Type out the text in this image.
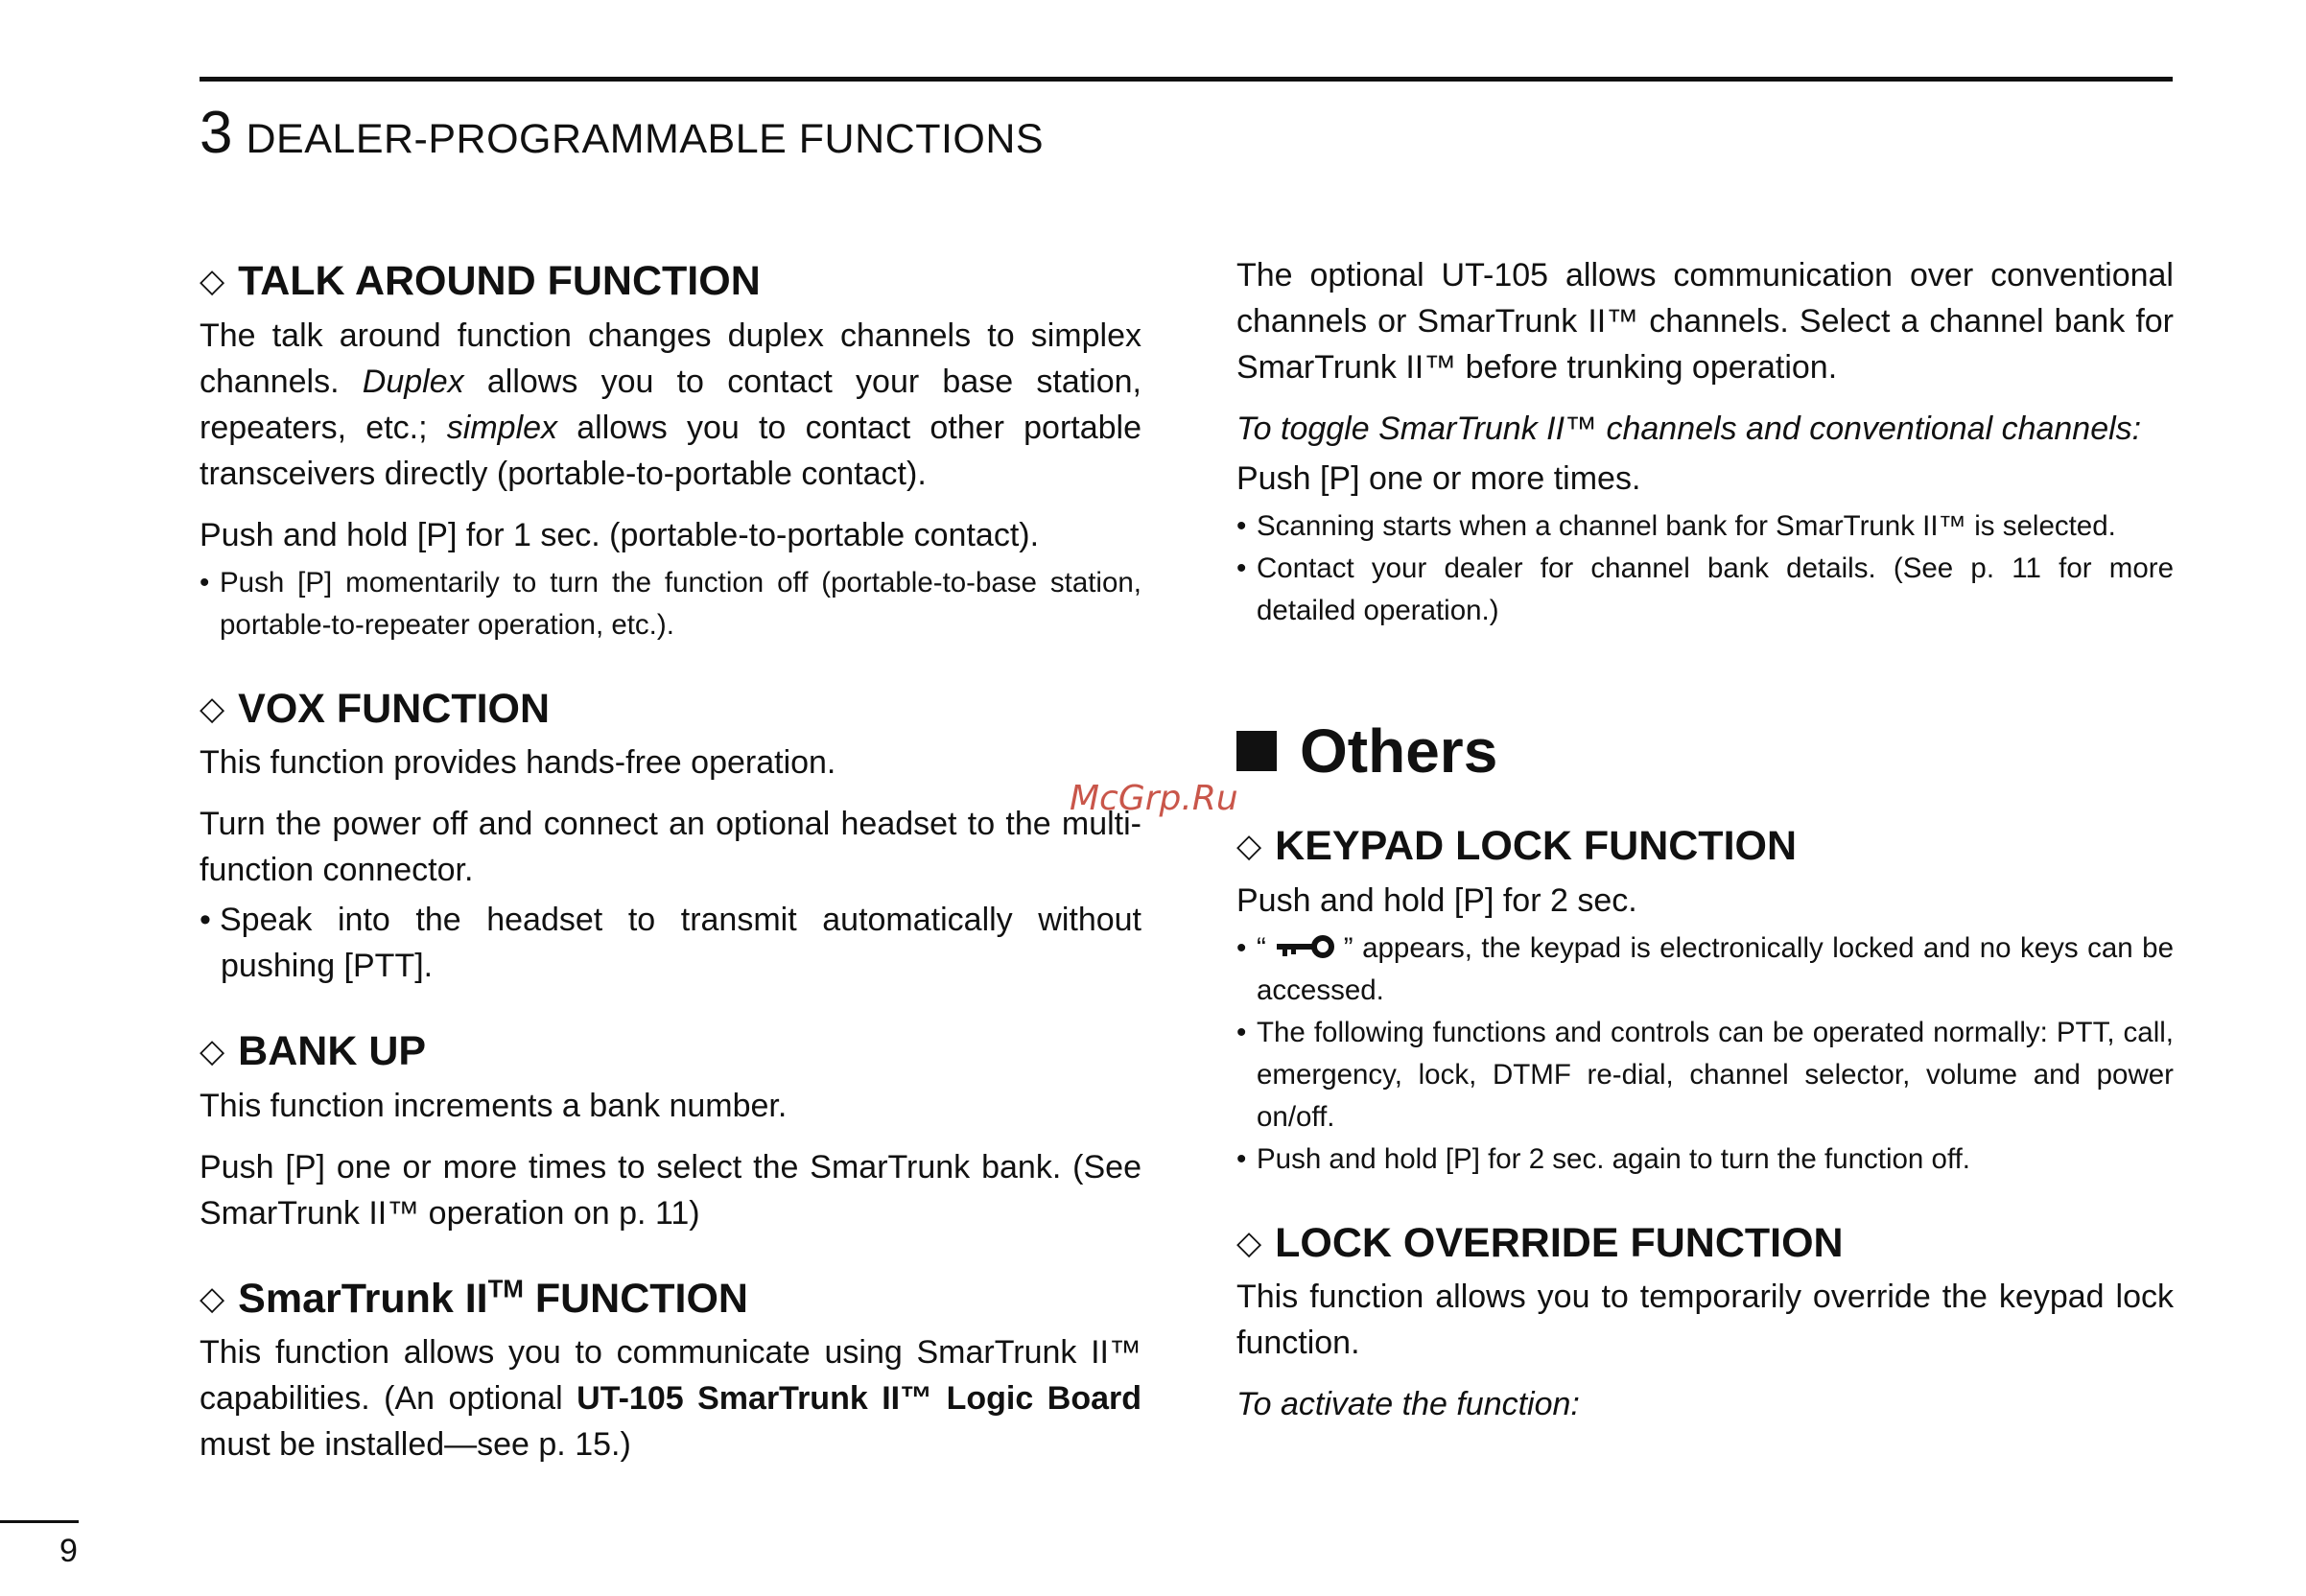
3 DEALER-PROGRAMMABLE FUNCTIONS
◇ TALK AROUND FUNCTION

The talk around function changes duplex channels to simplex channels. Duplex allows you to contact your base station, repeaters, etc.; simplex allows you to contact other portable transceivers directly (portable-to-portable contact).

Push and hold [P] for 1 sec. (portable-to-portable contact).

• Push [P] momentarily to turn the function off (portable-to-base station, portable-to-repeater operation, etc.).
◇ VOX FUNCTION

This function provides hands-free operation.

Turn the power off and connect an optional headset to the multi-function connector.

• Speak into the headset to transmit automatically without pushing [PTT].
◇ BANK UP

This function increments a bank number.

Push [P] one or more times to select the SmarTrunk bank. (See SmarTrunk II™ operation on p. 11)

◇ SmarTrunk II™ FUNCTION

This function allows you to communicate using SmarTrunk II™ capabilities. (An optional UT-105 SmarTrunk II™ Logic Board must be installed—see p. 15.)

The optional UT-105 allows communication over conventional channels or SmarTrunk II™ channels. Select a channel bank for SmarTrunk II™ before trunking operation.

To toggle SmarTrunk II™ channels and conventional channels:

Push [P] one or more times.

• Scanning starts when a channel bank for SmarTrunk II™ is selected.
• Contact your dealer for channel bank details. (See p. 11 for more detailed operation.)
Others
◇ KEYPAD LOCK FUNCTION

Push and hold [P] for 2 sec.

• “  ” appears, the keypad is electronically locked and no keys can be accessed.
• The following functions and controls can be operated normally: PTT, call, emergency, lock, DTMF re-dial, channel selector, volume and power on/off.
• Push and hold [P] for 2 sec. again to turn the function off.
◇ LOCK OVERRIDE FUNCTION

This function allows you to temporarily override the keypad lock function.

To activate the function:

McGrp.Ru
9
